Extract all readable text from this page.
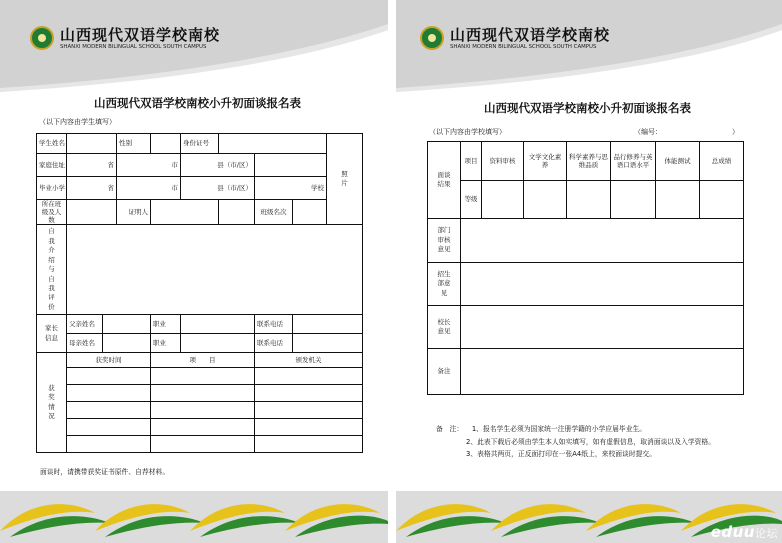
山西现代双语学校南校
SHANXI MODERN BILINGUAL SCHOOL SOUTH CAMPUS
山西现代双语学校南校小升初面谈报名表
（以下内容由学生填写）
学生姓名			性别		身份证号				照片
家庭住址	省		市		县（市/区）				
毕业小学	省		市		县（市/区）		学校		
所在班级及人数			证明人				班级名次		
自我介绍与自我评价									
家长信息	父亲姓名			职业			联系电话		
	母亲姓名			职业			联系电话		
获奖情况	获奖时间			项　　目			颁发机关		

面谈时，请携带获奖证书原件、自荐材料。
山西现代双语学校南校
SHANXI MODERN BILINGUAL SCHOOL SOUTH CAMPUS
山西现代双语学校南校小升初面谈报名表
（以下内容由学校填写）	（编号：	）
面谈结果	项目	资料审核	文学文化素　养	科学素养与思维品质	品行修养与英语口语水平	体能测试	总成绩
	等级						
部门审核意见							
招生部意见							
校长意见							
备注							
备　注： 1、报名学生必须为国家统一注册学籍的小学应届毕业生。
2、此表下载后必须由学生本人如实填写，如有虚假信息，取消面谈以及入学资格。
3、表格共两页，正反面打印在一张A4纸上，来校面谈时提交。
eduu论坛
